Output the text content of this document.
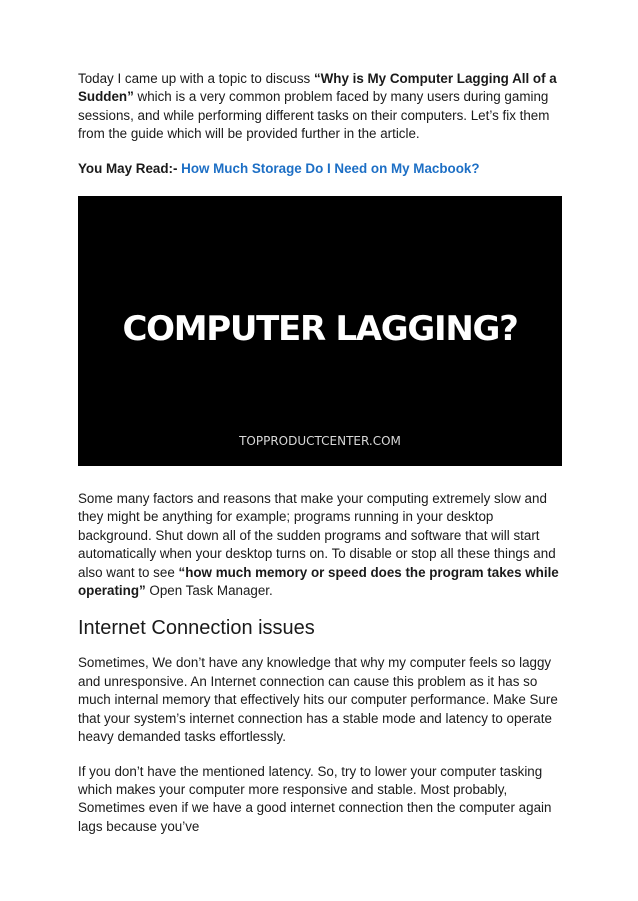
Today I came up with a topic to discuss “Why is My Computer Lagging All of a Sudden” which is a very common problem faced by many users during gaming sessions, and while performing different tasks on their computers. Let’s fix them from the guide which will be provided further in the article.

You May Read:- How Much Storage Do I Need on My Macbook?

COMPUTER LAGGING?
TOPPRODUCTCENTER.COM

Some many factors and reasons that make your computing extremely slow and they might be anything for example; programs running in your desktop background. Shut down all of the sudden programs and software that will start automatically when your desktop turns on. To disable or stop all these things and also want to see “how much memory or speed does the program takes while operating” Open Task Manager.

Internet Connection issues

Sometimes, We don’t have any knowledge that why my computer feels so laggy and unresponsive. An Internet connection can cause this problem as it has so much internal memory that effectively hits our computer performance. Make Sure that your system’s internet connection has a stable mode and latency to operate heavy demanded tasks effortlessly.

If you don’t have the mentioned latency. So, try to lower your computer tasking which makes your computer more responsive and stable. Most probably, Sometimes even if we have a good internet connection then the computer again lags because you’ve
